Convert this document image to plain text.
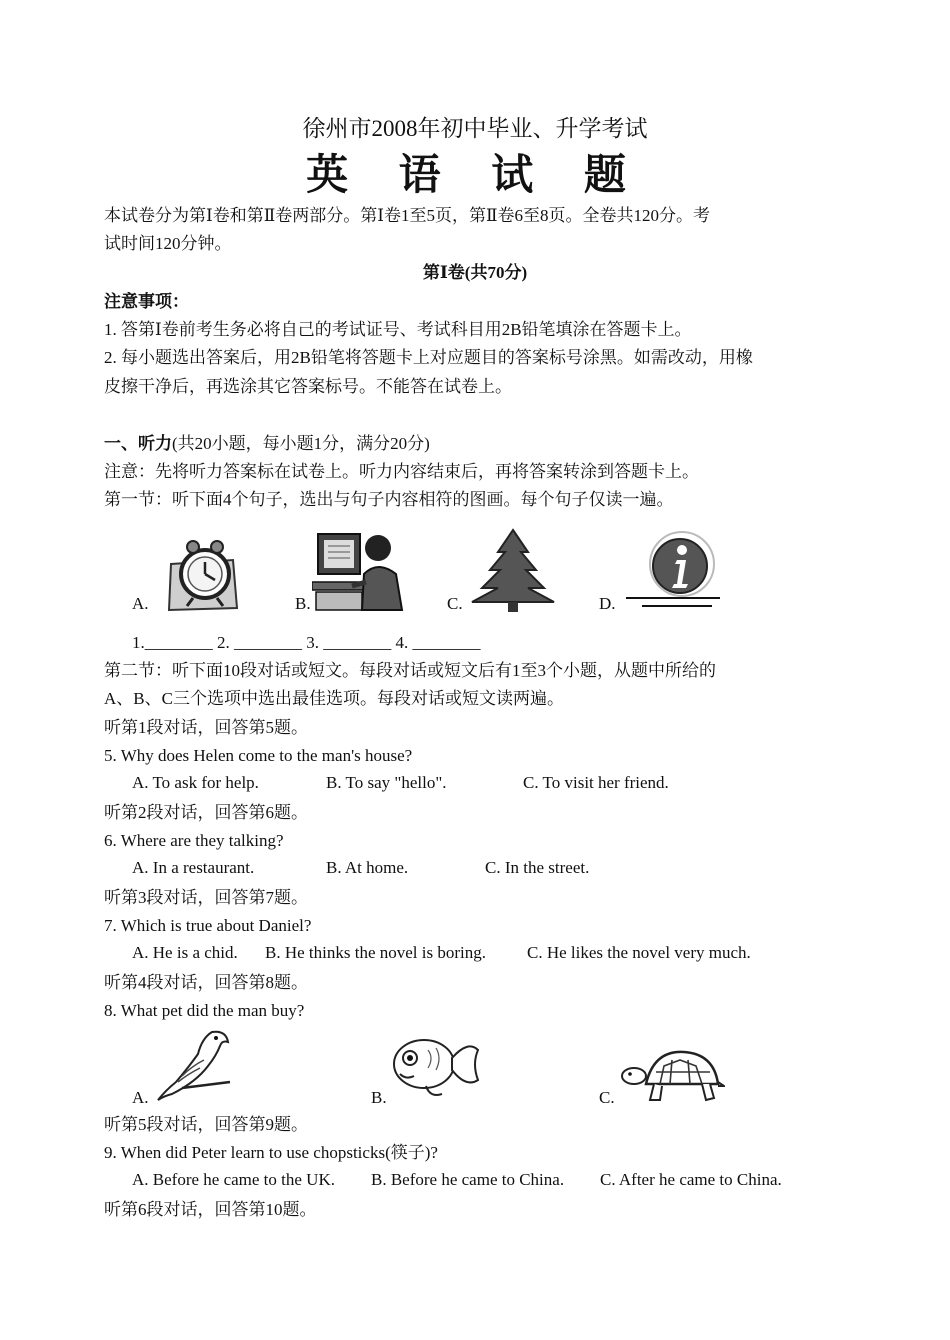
徐州市2008年初中毕业、升学考试
英 语 试 题
本试卷分为第Ⅰ卷和第Ⅱ卷两部分。第Ⅰ卷1至5页，第Ⅱ卷6至8页。全卷共120分。考
试时间120分钟。
第Ⅰ卷(共70分)
注意事项：
1. 答第Ⅰ卷前考生务必将自己的考试证号、考试科目用2B铅笔填涂在答题卡上。
2. 每小题选出答案后，用2B铅笔将答题卡上对应题目的答案标号涂黑。如需改动，用橡
皮擦干净后，再选涂其它答案标号。不能答在试卷上。
一、听力(共20小题，每小题1分，满分20分)
注意：先将听力答案标在试卷上。听力内容结束后，再将答案转涂到答题卡上。
第一节：听下面4个句子，选出与句子内容相符的图画。每个句子仅读一遍。
A.	B.	C.	D.
1.________ 2. ________ 3. ________ 4. ________
第二节：听下面10段对话或短文。每段对话或短文后有1至3个小题，从题中所给的
A、B、C三个选项中选出最佳选项。每段对话或短文读两遍。
听第1段对话，回答第5题。
5. Why does Helen come to the man's house?
A. To ask for help.	B. To say "hello".	C. To visit her friend.
听第2段对话，回答第6题。
6. Where are they talking?
A. In a restaurant.	B. At home.	C. In the street.
听第3段对话，回答第7题。
7. Which is true about Daniel?
A. He is a chid. B. He thinks the novel is boring. C. He likes the novel very much.
听第4段对话，回答第8题。
8. What pet did the man buy?
A.	B.	C.
听第5段对话，回答第9题。
9. When did Peter learn to use chopsticks(筷子)?
A. Before he came to the UK. B. Before he came to China. C. After he came to China.
听第6段对话，回答第10题。
